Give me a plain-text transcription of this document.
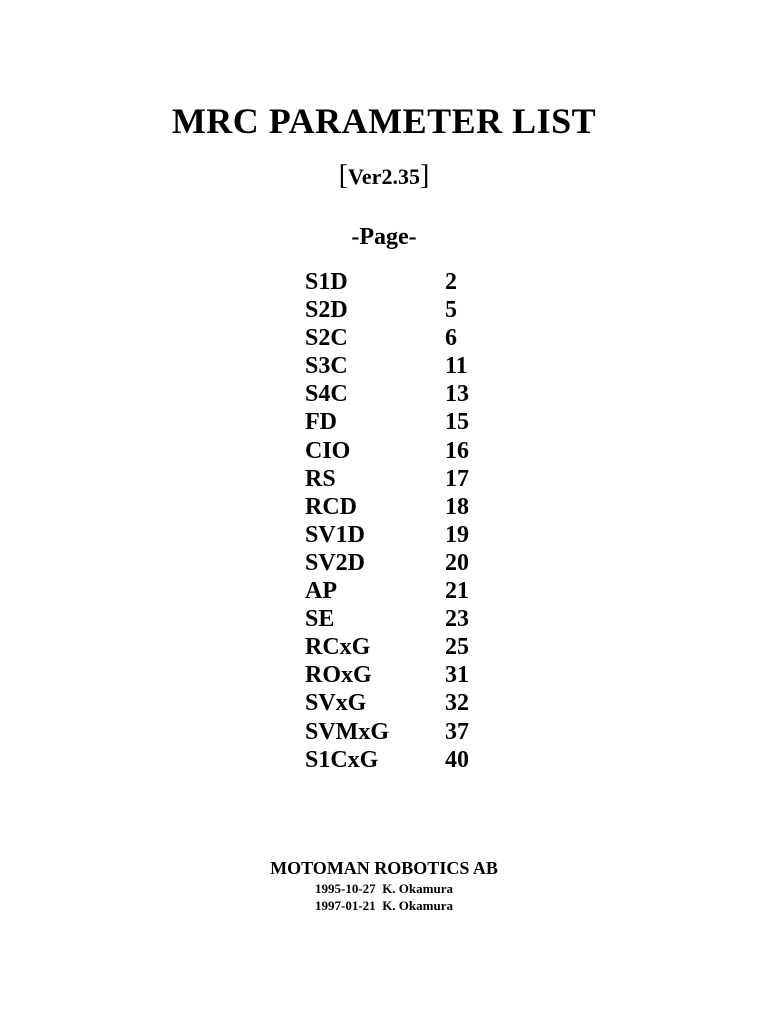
MRC PARAMETER LIST
[Ver2.35]
-Page-
S1D	2
S2D	5
S2C	6
S3C	11
S4C	13
FD	15
CIO	16
RS	17
RCD	18
SV1D	19
SV2D	20
AP	21
SE	23
RCxG	25
ROxG	31
SVxG	32
SVMxG	37
S1CxG	40
MOTOMAN ROBOTICS AB
1995-10-27
K. Okamura
1997-01-21
K. Okamura
